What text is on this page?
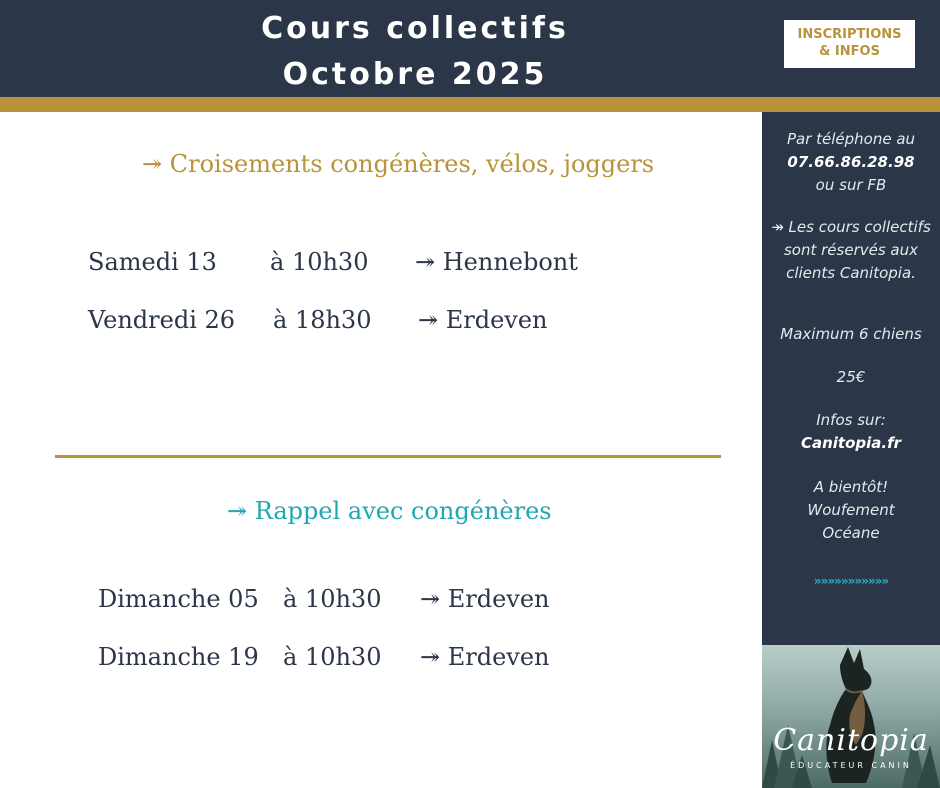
Cours collectifs
Octobre 2025
INSCRIPTIONS
& INFOS
↠ Croisements congénères, vélos, joggers
Samedi 13 à 10h30 ↠ Hennebont
Vendredi 26 à 18h30 ↠ Erdeven
↠ Rappel avec congénères
Dimanche 05 à 10h30 ↠ Erdeven
Dimanche 19 à 10h30 ↠ Erdeven
Par téléphone au
07.66.86.28.98
ou sur FB
↠ Les cours collectifs
sont réservés aux
clients Canitopia.
Maximum 6 chiens
25€
Infos sur:
Canitopia.fr
A bientôt!
Woufement
Océane
»»»»»»»»»»»
Canitopia
ÉDUCATEUR CANIN
